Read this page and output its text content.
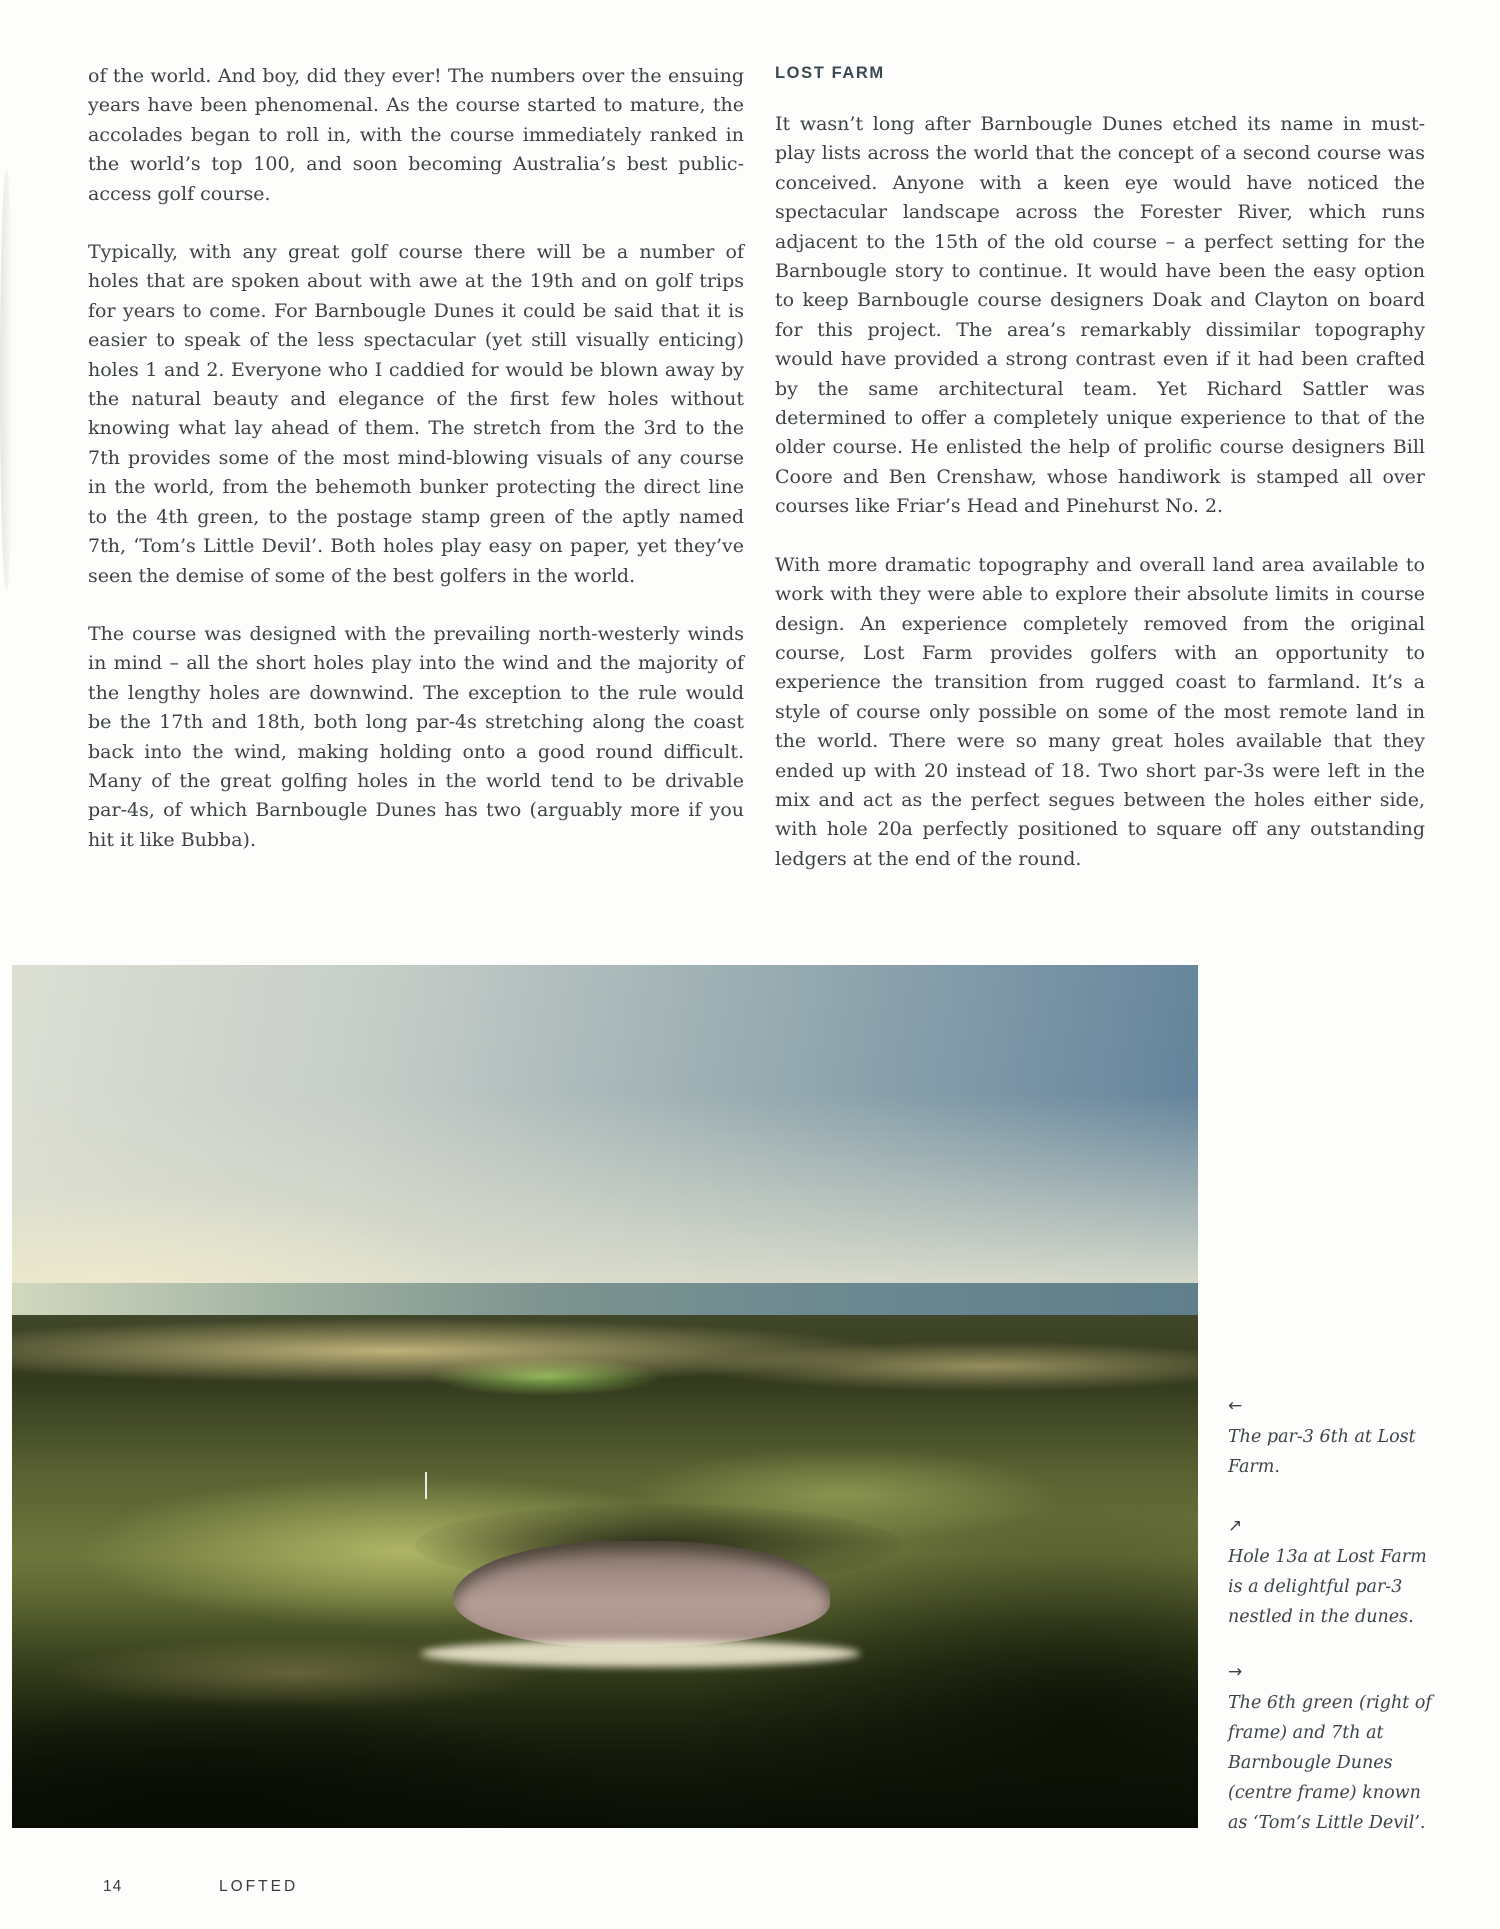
of the world. And boy, did they ever! The numbers over the ensuing years have been phenomenal. As the course started to mature, the accolades began to roll in, with the course immediately ranked in the world’s top 100, and soon becoming Australia’s best public-access golf course.

Typically, with any great golf course there will be a number of holes that are spoken about with awe at the 19th and on golf trips for years to come. For Barnbougle Dunes it could be said that it is easier to speak of the less spectacular (yet still visually enticing) holes 1 and 2. Everyone who I caddied for would be blown away by the natural beauty and elegance of the first few holes without knowing what lay ahead of them. The stretch from the 3rd to the 7th provides some of the most mind-blowing visuals of any course in the world, from the behemoth bunker protecting the direct line to the 4th green, to the postage stamp green of the aptly named 7th, ‘Tom’s Little Devil’. Both holes play easy on paper, yet they’ve seen the demise of some of the best golfers in the world.

The course was designed with the prevailing north-westerly winds in mind – all the short holes play into the wind and the majority of the lengthy holes are downwind. The exception to the rule would be the 17th and 18th, both long par-4s stretching along the coast back into the wind, making holding onto a good round difficult. Many of the great golfing holes in the world tend to be drivable par-4s, of which Barnbougle Dunes has two (arguably more if you hit it like Bubba).

LOST FARM

It wasn’t long after Barnbougle Dunes etched its name in must-play lists across the world that the concept of a second course was conceived. Anyone with a keen eye would have noticed the spectacular landscape across the Forester River, which runs adjacent to the 15th of the old course – a perfect setting for the Barnbougle story to continue. It would have been the easy option to keep Barnbougle course designers Doak and Clayton on board for this project. The area’s remarkably dissimilar topography would have provided a strong contrast even if it had been crafted by the same architectural team. Yet Richard Sattler was determined to offer a completely unique experience to that of the older course. He enlisted the help of prolific course designers Bill Coore and Ben Crenshaw, whose handiwork is stamped all over courses like Friar’s Head and Pinehurst No. 2.

With more dramatic topography and overall land area available to work with they were able to explore their absolute limits in course design. An experience completely removed from the original course, Lost Farm provides golfers with an opportunity to experience the transition from rugged coast to farmland. It’s a style of course only possible on some of the most remote land in the world. There were so many great holes available that they ended up with 20 instead of 18. Two short par-3s were left in the mix and act as the perfect segues between the holes either side, with hole 20a perfectly positioned to square off any outstanding ledgers at the end of the round.

←

The par-3 6th at Lost Farm.

↗

Hole 13a at Lost Farm is a delightful par-3 nestled in the dunes.

→

The 6th green (right of frame) and 7th at Barnbougle Dunes (centre frame) known as ‘Tom’s Little Devil’.

14	LOFTED
